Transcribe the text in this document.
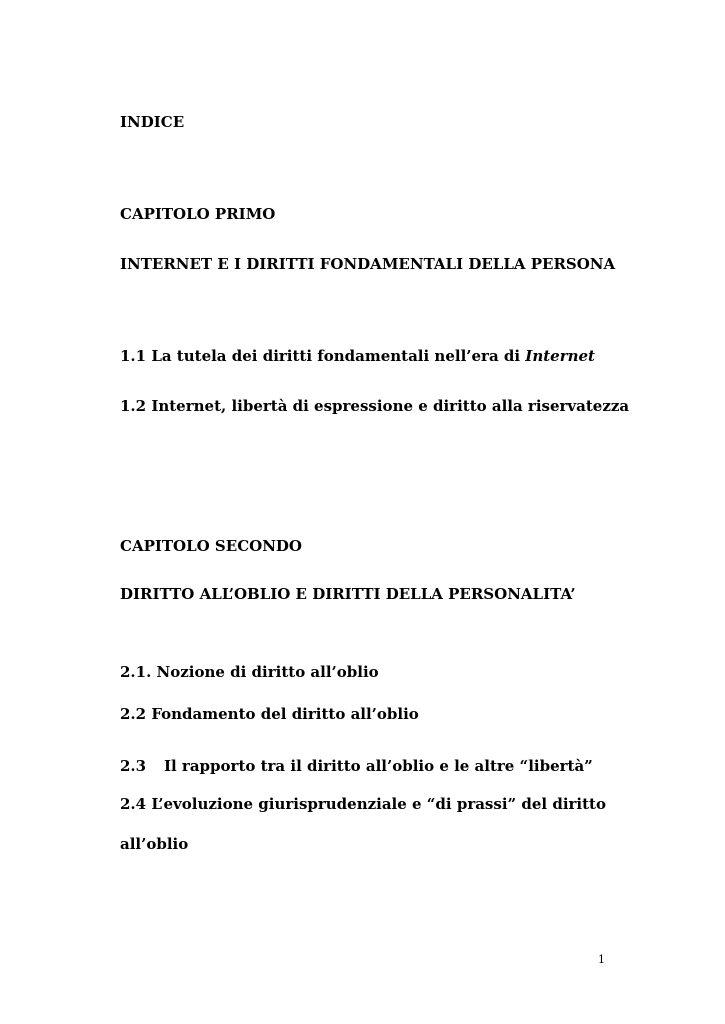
INDICE
CAPITOLO PRIMO
INTERNET E I DIRITTI FONDAMENTALI DELLA PERSONA
1.1 La tutela dei diritti fondamentali nell’era di Internet
1.2 Internet, libertà di espressione e diritto alla riservatezza
CAPITOLO SECONDO
DIRITTO ALL’OBLIO E DIRITTI DELLA PERSONALITA’
2.1. Nozione di diritto all’oblio
2.2 Fondamento del diritto all’oblio
2.3 Il rapporto tra il diritto all’oblio e le altre “libertà”
2.4 L’evoluzione giurisprudenziale e “di prassi” del diritto
all’oblio
1
